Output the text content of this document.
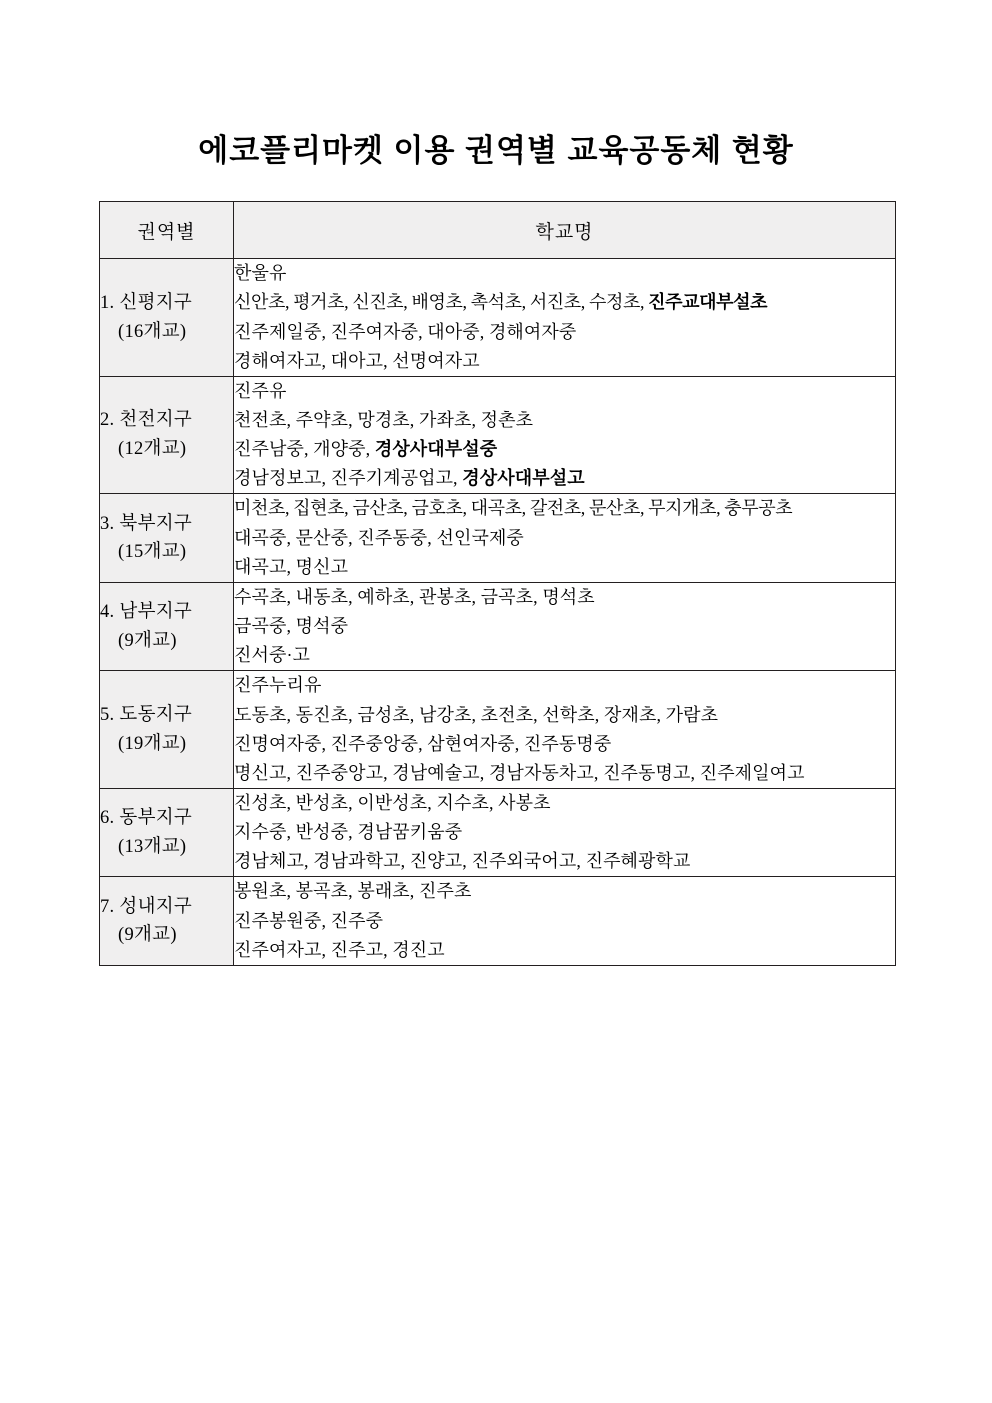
에코플리마켓 이용 권역별 교육공동체 현황
권역별	학교명

1. 신평지구
(16개교)	한울유
신안초, 평거초, 신진초, 배영초, 촉석초, 서진초, 수정초, 진주교대부설초
진주제일중, 진주여자중, 대아중, 경해여자중
경해여자고, 대아고, 선명여자고

2. 천전지구
(12개교)	진주유
천전초, 주약초, 망경초, 가좌초, 정촌초
진주남중, 개양중, 경상사대부설중
경남정보고, 진주기계공업고, 경상사대부설고

3. 북부지구
(15개교)	미천초, 집현초, 금산초, 금호초, 대곡초, 갈전초, 문산초, 무지개초, 충무공초
대곡중, 문산중, 진주동중, 선인국제중
대곡고, 명신고

4. 남부지구
(9개교)	수곡초, 내동초, 예하초, 관봉초, 금곡초, 명석초
금곡중, 명석중
진서중·고

5. 도동지구
(19개교)	진주누리유
도동초, 동진초, 금성초, 남강초, 초전초, 선학초, 장재초, 가람초
진명여자중, 진주중앙중, 삼현여자중, 진주동명중
명신고, 진주중앙고, 경남예술고, 경남자동차고, 진주동명고, 진주제일여고

6. 동부지구
(13개교)	진성초, 반성초, 이반성초, 지수초, 사봉초
지수중, 반성중, 경남꿈키움중
경남체고, 경남과학고, 진양고, 진주외국어고, 진주혜광학교

7. 성내지구
(9개교)	봉원초, 봉곡초, 봉래초, 진주초
진주봉원중, 진주중
진주여자고, 진주고, 경진고
